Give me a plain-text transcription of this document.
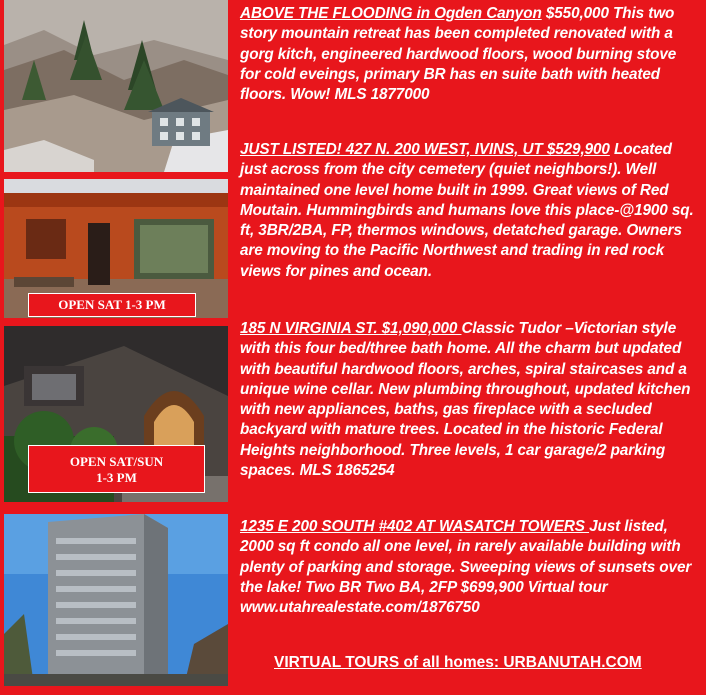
OPEN SAT 1-3 PM
OPEN SAT/SUN
1-3 PM
ABOVE THE FLOODING in Ogden Canyon $550,000 This two story mountain retreat has been completed renovated with a gorg kitch, engineered hardwood floors, wood burning stove for cold eveings, primary BR has en suite bath with heated floors. Wow! MLS 1877000
JUST LISTED! 427 N. 200 WEST, IVINS, UT $529,900 Located just across from the city cemetery (quiet neighbors!). Well maintained one level home built in 1999. Great views of Red Moutain. Hummingbirds and humans love this place-@1900 sq. ft, 3BR/2BA, FP, thermos windows, detatched garage. Owners are moving to the Pacific Northwest and trading in red rock views for pines and ocean.
185 N VIRGINIA ST. $1,090,000 Classic Tudor –Victorian style with this four bed/three bath home. All the charm but updated with beautiful hardwood floors, arches, spiral staircases and a unique wine cellar. New plumbing throughout, updated kitchen with new appliances, baths, gas fireplace with a secluded backyard with mature trees. Located in the historic Federal Heights neighborhood. Three levels, 1 car garage/2 parking spaces. MLS 1865254
1235 E 200 SOUTH #402 AT WASATCH TOWERS Just listed, 2000 sq ft condo all one level, in rarely available building with plenty of parking and storage. Sweeping views of sunsets over the lake! Two BR Two BA, 2FP $699,900 Virtual tour www.utahrealestate.com/1876750
VIRTUAL TOURS of all homes: URBANUTAH.COM
